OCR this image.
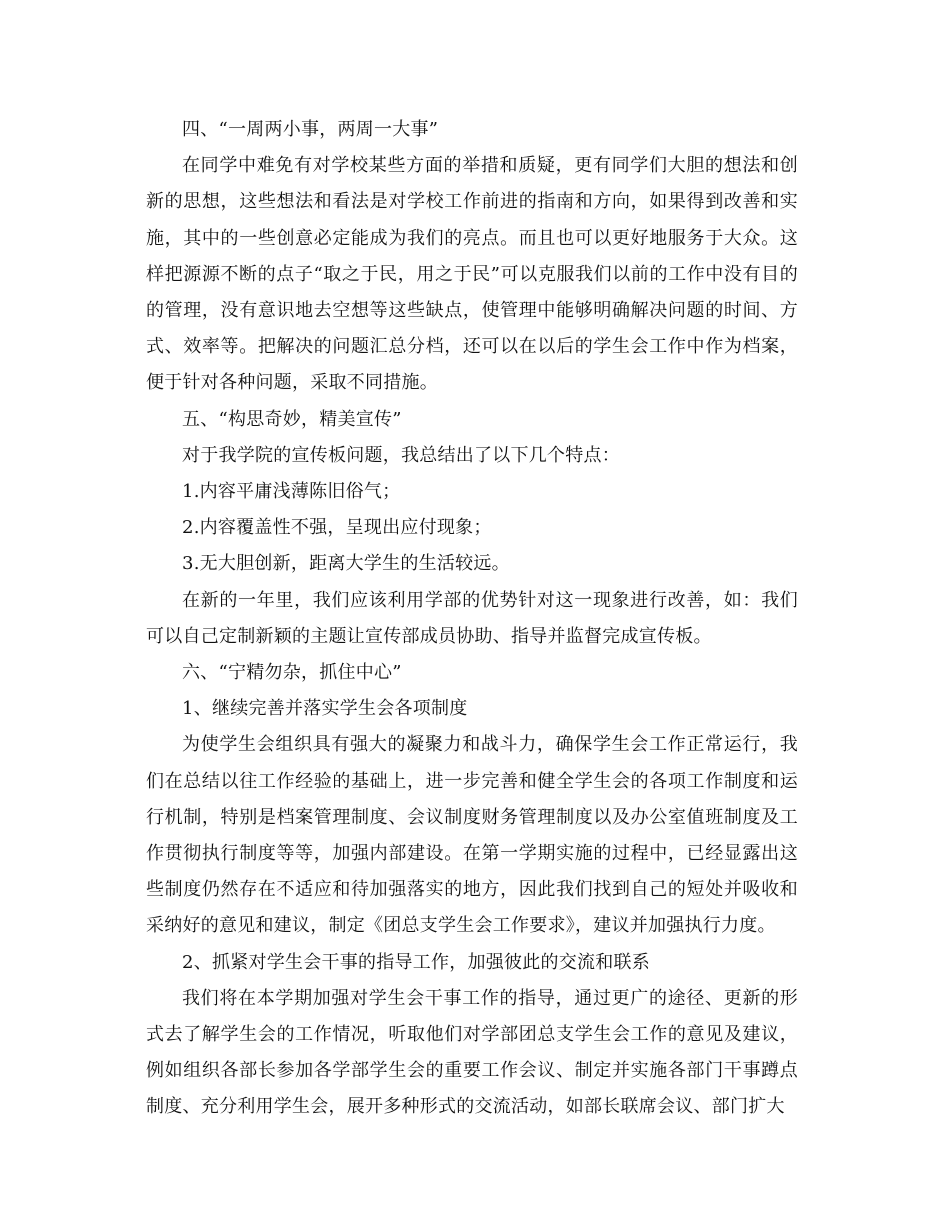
四、“一周两小事，两周一大事”

在同学中难免有对学校某些方面的举措和质疑，更有同学们大胆的想法和创新的思想，这些想法和看法是对学校工作前进的指南和方向，如果得到改善和实施，其中的一些创意必定能成为我们的亮点。而且也可以更好地服务于大众。这样把源源不断的点子“取之于民，用之于民”可以克服我们以前的工作中没有目的的管理，没有意识地去空想等这些缺点，使管理中能够明确解决问题的时间、方式、效率等。把解决的问题汇总分档，还可以在以后的学生会工作中作为档案，便于针对各种问题，采取不同措施。

五、“构思奇妙，精美宣传”

对于我学院的宣传板问题，我总结出了以下几个特点：

1.内容平庸浅薄陈旧俗气；

2.内容覆盖性不强，呈现出应付现象；

3.无大胆创新，距离大学生的生活较远。

在新的一年里，我们应该利用学部的优势针对这一现象进行改善，如：我们可以自己定制新颖的主题让宣传部成员协助、指导并监督完成宣传板。

六、“宁精勿杂，抓住中心”

1、继续完善并落实学生会各项制度

为使学生会组织具有强大的凝聚力和战斗力，确保学生会工作正常运行，我们在总结以往工作经验的基础上，进一步完善和健全学生会的各项工作制度和运行机制，特别是档案管理制度、会议制度财务管理制度以及办公室值班制度及工作贯彻执行制度等等，加强内部建设。在第一学期实施的过程中，已经显露出这些制度仍然存在不适应和待加强落实的地方，因此我们找到自己的短处并吸收和采纳好的意见和建议，制定《团总支学生会工作要求》，建议并加强执行力度。

2、抓紧对学生会干事的指导工作，加强彼此的交流和联系

我们将在本学期加强对学生会干事工作的指导，通过更广的途径、更新的形式去了解学生会的工作情况，听取他们对学部团总支学生会工作的意见及建议，例如组织各部长参加各学部学生会的重要工作会议、制定并实施各部门干事蹲点制度、充分利用学生会，展开多种形式的交流活动，如部长联席会议、部门扩大
